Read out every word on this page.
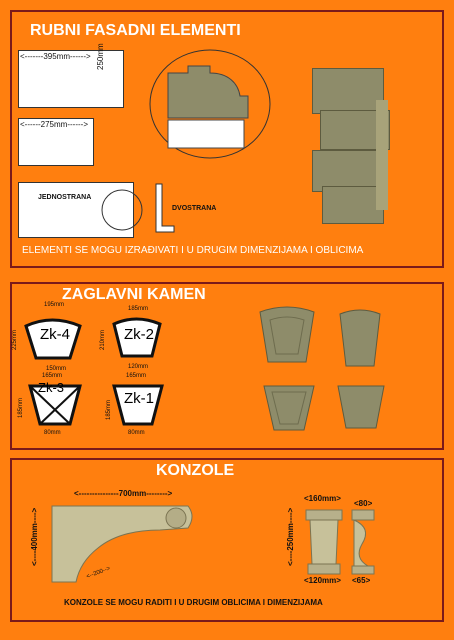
RUBNI FASADNI ELEMENTI
<-------395mm------> 250mm
<------275mm------>
JEDNOSTRANA
DVOSTRANA
ELEMENTI SE MOGU IZRAĐIVATI I U DRUGIM DIMENZIJAMA I OBLICIMA
ZAGLAVNI KAMEN
Zk-4
195mm
225mm
150mm
Zk-2
185mm
210mm
120mm
Zk-3
165mm
185mm
80mm
Zk-1
165mm
185mm
80mm
KONZOLE
<---------------700mm-------->
<----400mm---->
<--200-->
<160mm>
<80>
<----250mm---->
<120mm> <65>
KONZOLE SE MOGU RADITI I U DRUGIM OBLICIMA I DIMENZIJAMA
